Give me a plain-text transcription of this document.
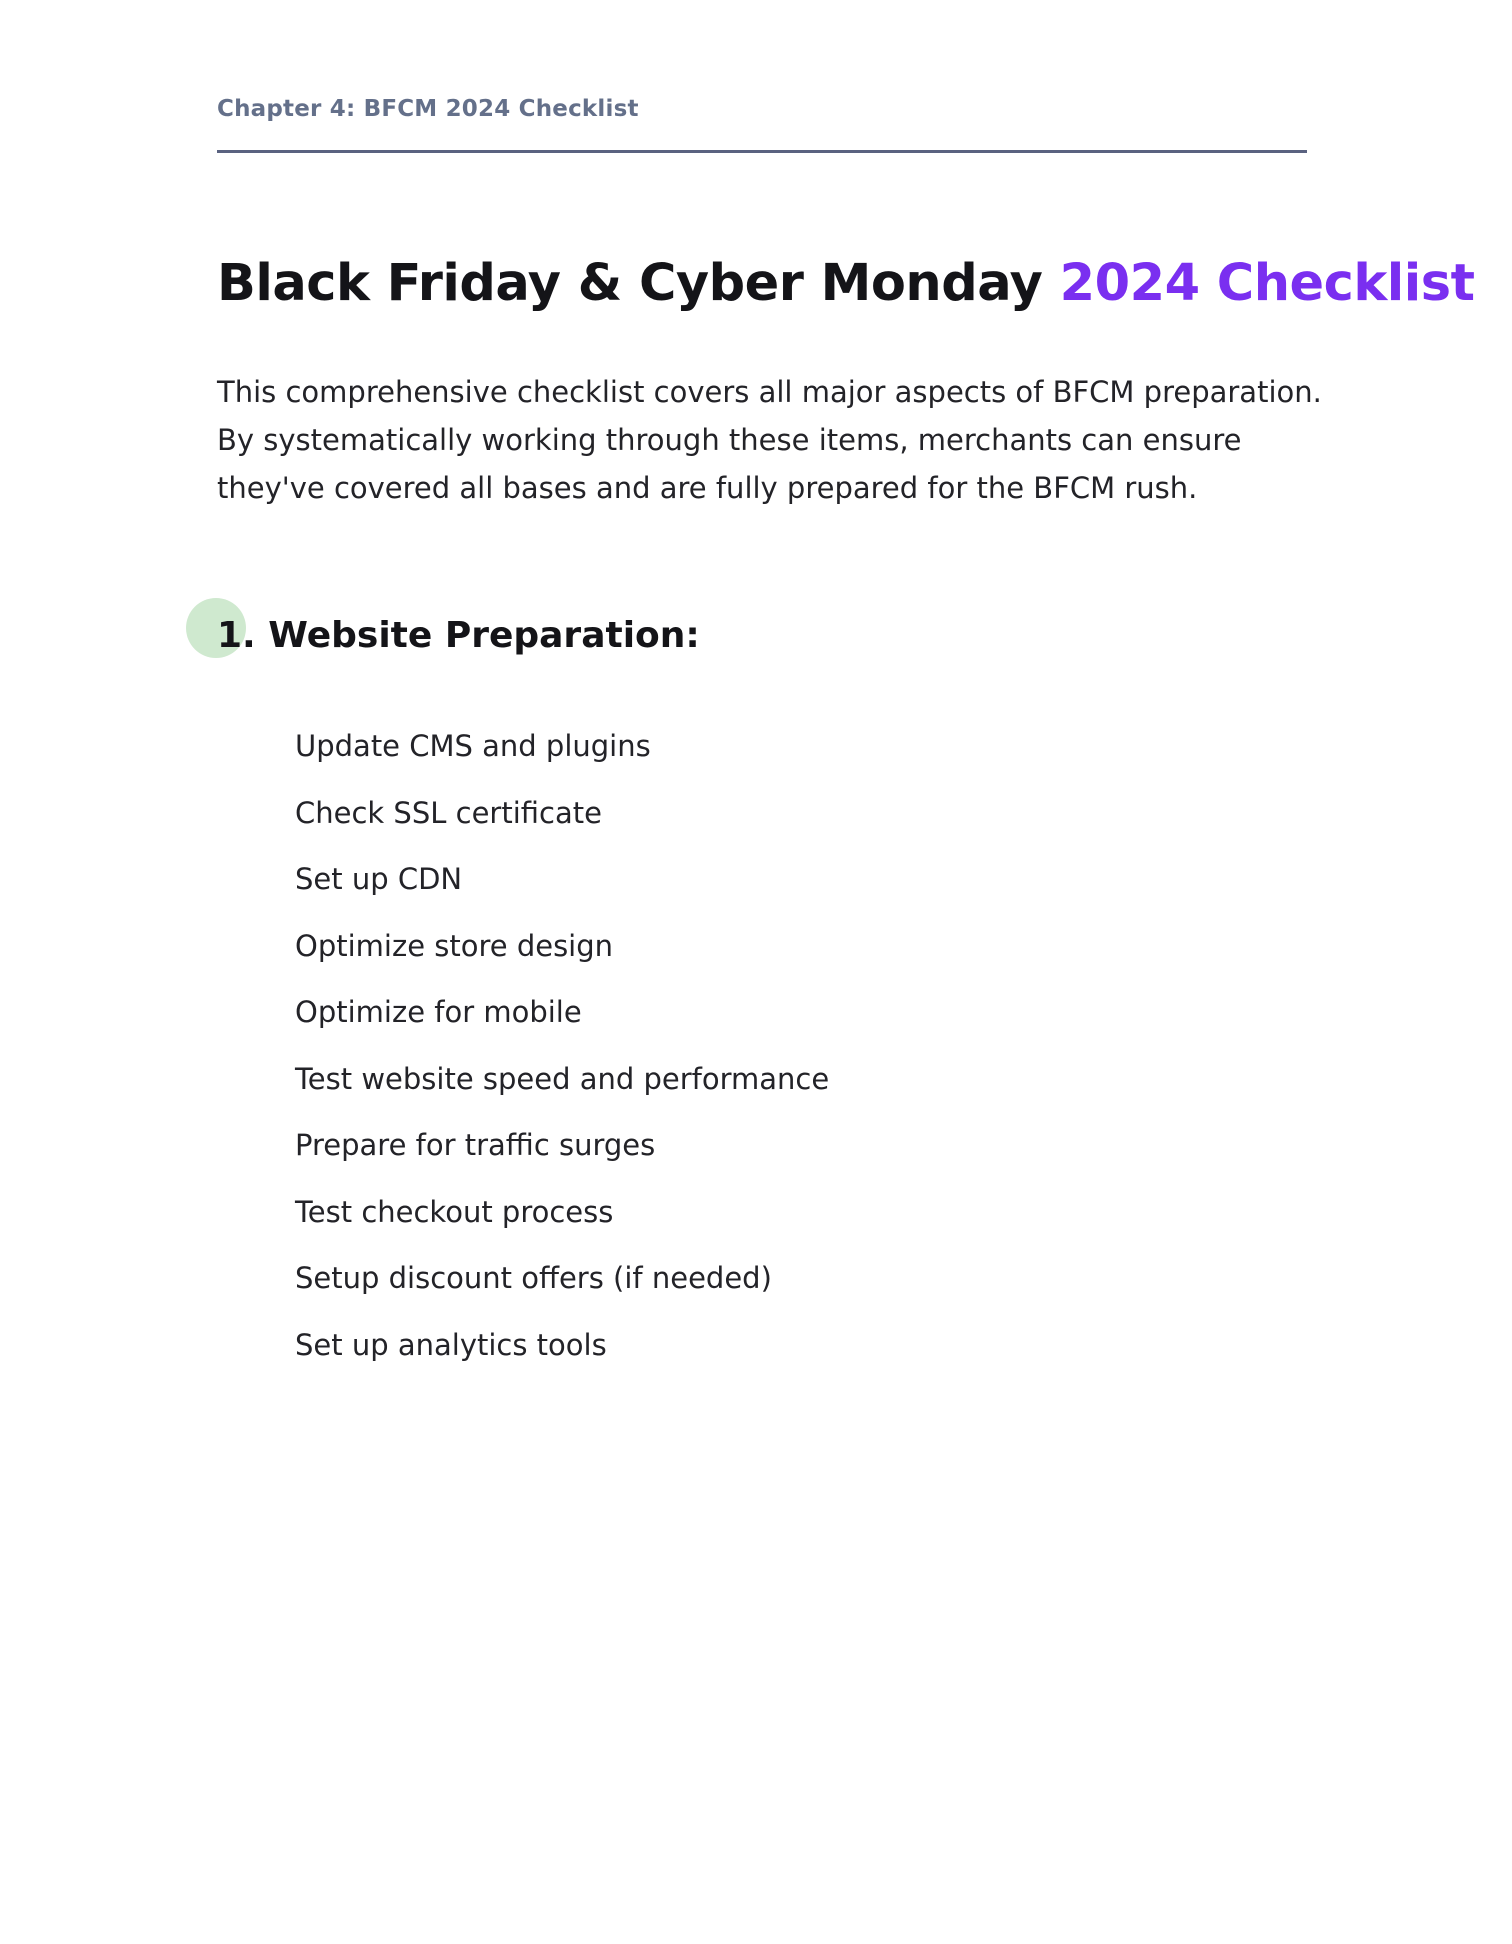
Chapter 4: BFCM 2024 Checklist
Black Friday & Cyber Monday 2024 Checklist

This comprehensive checklist covers all major aspects of BFCM preparation.
By systematically working through these items, merchants can ensure
they've covered all bases and are fully prepared for the BFCM rush.

1. Website Preparation:
Update CMS and plugins
Check SSL certificate
Set up CDN
Optimize store design
Optimize for mobile
Test website speed and performance
Prepare for traffic surges
Test checkout process
Setup discount offers (if needed)
Set up analytics tools
